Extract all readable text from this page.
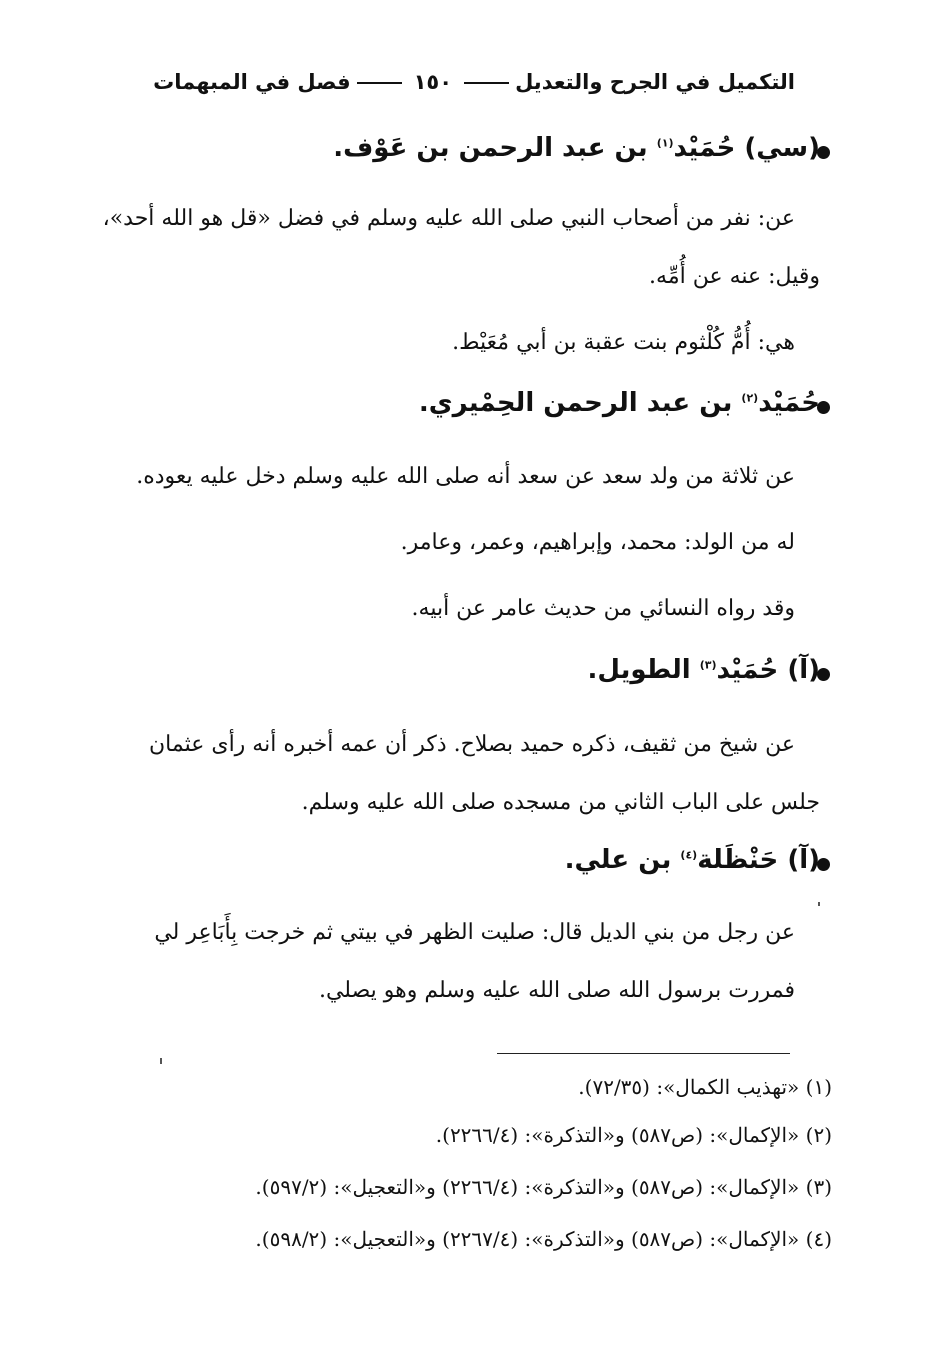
التكميل في الجرح والتعديل١٥٠فصل في المبهمات
(سي) حُمَيْد$^{(١)}$ بن عبد الرحمن بن عَوْف.
عن: نفر من أصحاب النبي صلى الله عليه وسلم في فضل «قل هو الله أحد»،
وقيل: عنه عن أُمِّه.
هي: أُمُّ كُلْثوم بنت عقبة بن أبي مُعَيْط.
حُمَيْد$^{(٢)}$ بن عبد الرحمن الحِمْيري.
عن ثلاثة من ولد سعد عن سعد أنه صلى الله عليه وسلم دخل عليه يعوده.
له من الولد: محمد، وإبراهيم، وعمر، وعامر.
وقد رواه النسائي من حديث عامر عن أبيه.
(آ) حُمَيْد$^{(٣)}$ الطويل.
عن شيخ من ثقيف، ذكره حميد بصلاح. ذكر أن عمه أخبره أنه رأى عثمان
جلس على الباب الثاني من مسجده صلى الله عليه وسلم.
(آ) حَنْظَلة$^{(٤)}$ بن علي.
عن رجل من بني الديل قال: صليت الظهر في بيتي ثم خرجت بِأَبَاعِر لي
فمررت برسول الله صلى الله عليه وسلم وهو يصلي.
(١) «تهذيب الكمال»: (٧٢/٣٥).
(٢) «الإكمال»: (ص٥٨٧) و«التذكرة»: (٢٢٦٦/٤).
(٣) «الإكمال»: (ص٥٨٧) و«التذكرة»: (٢٢٦٦/٤) و«التعجيل»: (٥٩٧/٢).
(٤) «الإكمال»: (ص٥٨٧) و«التذكرة»: (٢٢٦٧/٤) و«التعجيل»: (٥٩٨/٢).
